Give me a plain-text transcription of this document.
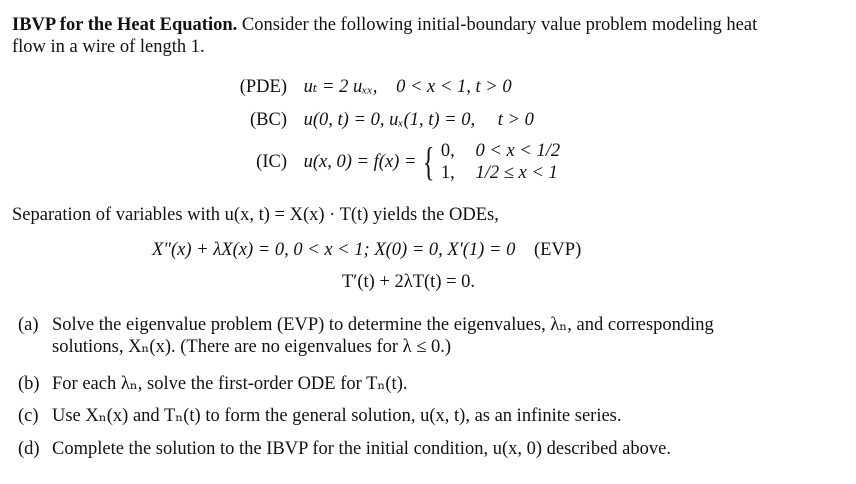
IBVP for the Heat Equation. Consider the following initial-boundary value problem modeling heat
flow in a wire of length 1.
(PDE) uₜ = 2 uₓₓ, 0 < x < 1, t > 0
(BC) u(0, t) = 0, uₓ(1, t) = 0, t > 0
(IC) u(x, 0) = f(x) = { 0, 0 < x < 1/2
1, 1/2 ≤ x < 1
Separation of variables with u(x, t) = X(x) · T(t) yields the ODEs,
X″(x) + λX(x) = 0, 0 < x < 1; X(0) = 0, X′(1) = 0 (EVP)
T′(t) + 2λT(t) = 0.
(a) Solve the eigenvalue problem (EVP) to determine the eigenvalues, λₙ, and corresponding
solutions, Xₙ(x). (There are no eigenvalues for λ ≤ 0.)
(b) For each λₙ, solve the first-order ODE for Tₙ(t).
(c) Use Xₙ(x) and Tₙ(t) to form the general solution, u(x, t), as an infinite series.
(d) Complete the solution to the IBVP for the initial condition, u(x, 0) described above.
